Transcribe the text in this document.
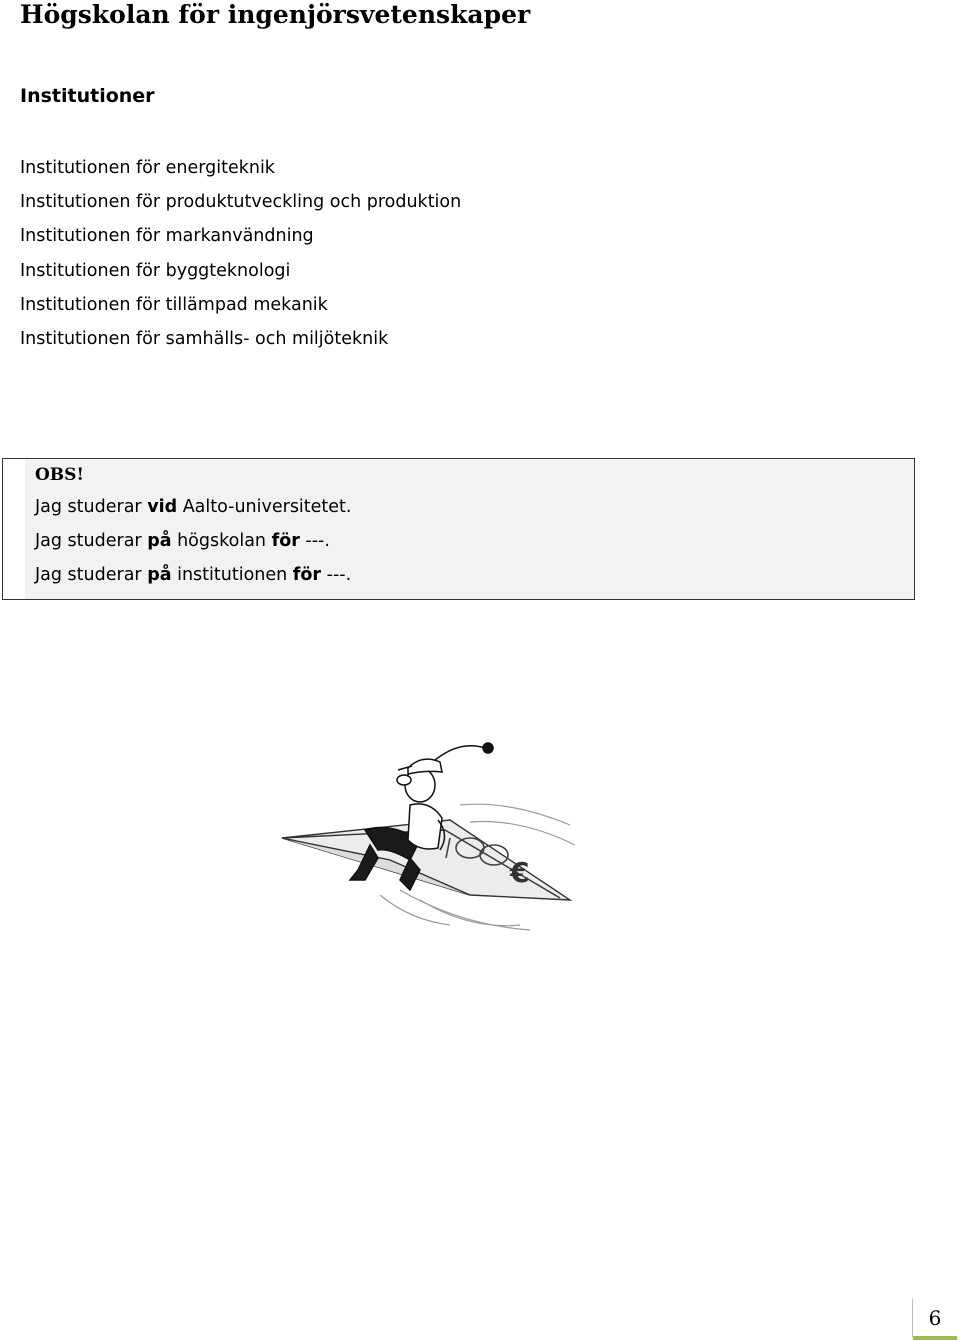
Högskolan för ingenjörsvetenskaper
Institutioner
Institutionen för energiteknik
Institutionen för produktutveckling och produktion
Institutionen för markanvändning
Institutionen för byggteknologi
Institutionen för tillämpad mekanik
Institutionen för samhälls- och miljöteknik
OBS!
Jag studerar vid Aalto-universitetet.
Jag studerar på högskolan för ---.
Jag studerar på institutionen för ---.
€
6
